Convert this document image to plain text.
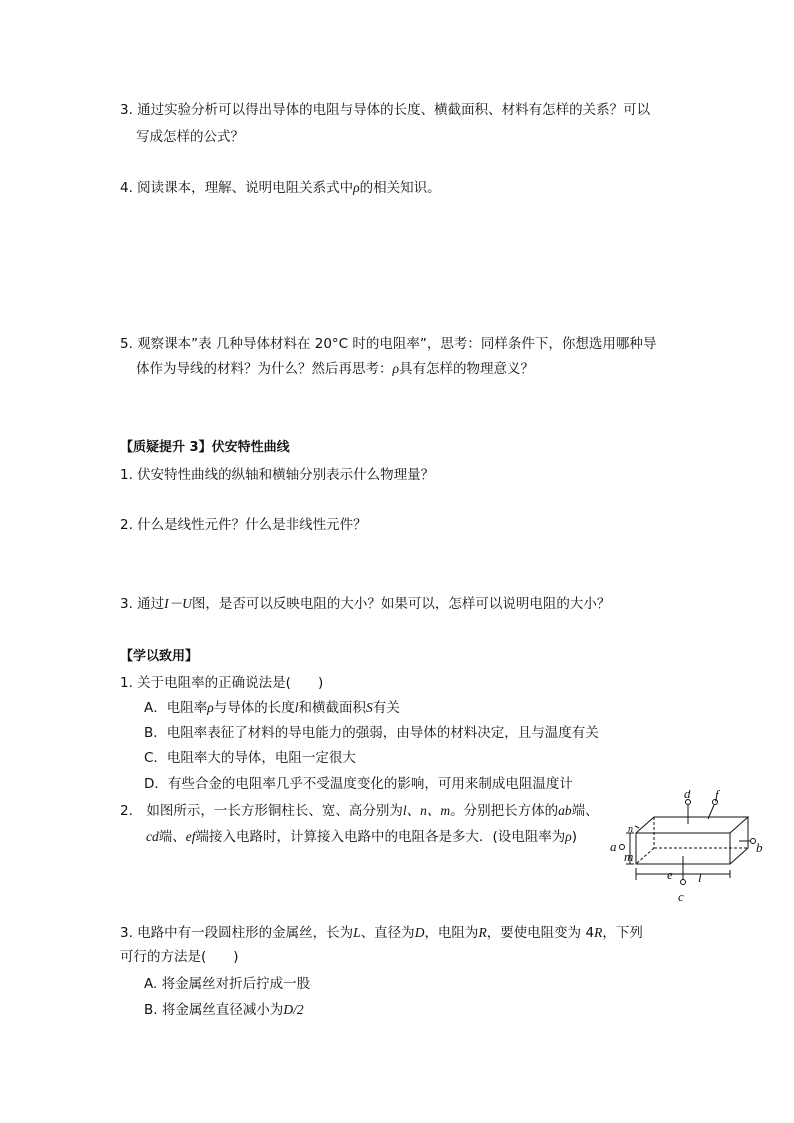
3. 通过实验分析可以得出导体的电阻与导体的长度、横截面积、材料有怎样的关系？可以
写成怎样的公式？
4. 阅读课本，理解、说明电阻关系式中ρ的相关知识。
5. 观察课本”表 几种导体材料在 20°C 时的电阻率”，思考：同样条件下，你想选用哪种导
体作为导线的材料？为什么？然后再思考：ρ具有怎样的物理意义？
【质疑提升 3】伏安特性曲线
1. 伏安特性曲线的纵轴和横轴分别表示什么物理量？
2. 什么是线性元件？什么是非线性元件？
3. 通过I－U图，是否可以反映电阻的大小？如果可以，怎样可以说明电阻的大小？
【学以致用】
1. 关于电阻率的正确说法是(　　)
A．电阻率ρ与导体的长度l和横截面积S有关
B．电阻率表征了材料的导电能力的强弱，由导体的材料决定，且与温度有关
C．电阻率大的导体，电阻一定很大
D．有些合金的电阻率几乎不受温度变化的影响，可用来制成电阻温度计
2.　如图所示，一长方形铜柱长、宽、高分别为l、n、m。分别把长方体的ab端、
cd端、ef端接入电路时，计算接入电路中的电阻各是多大．(设电阻率为ρ)
d f
b
a
c
e l
m
n
3. 电路中有一段圆柱形的金属丝，长为L、直径为D，电阻为R，要使电阻变为 4R，下列
可行的方法是(　　)
A. 将金属丝对折后拧成一股
B. 将金属丝直径减小为D/2
